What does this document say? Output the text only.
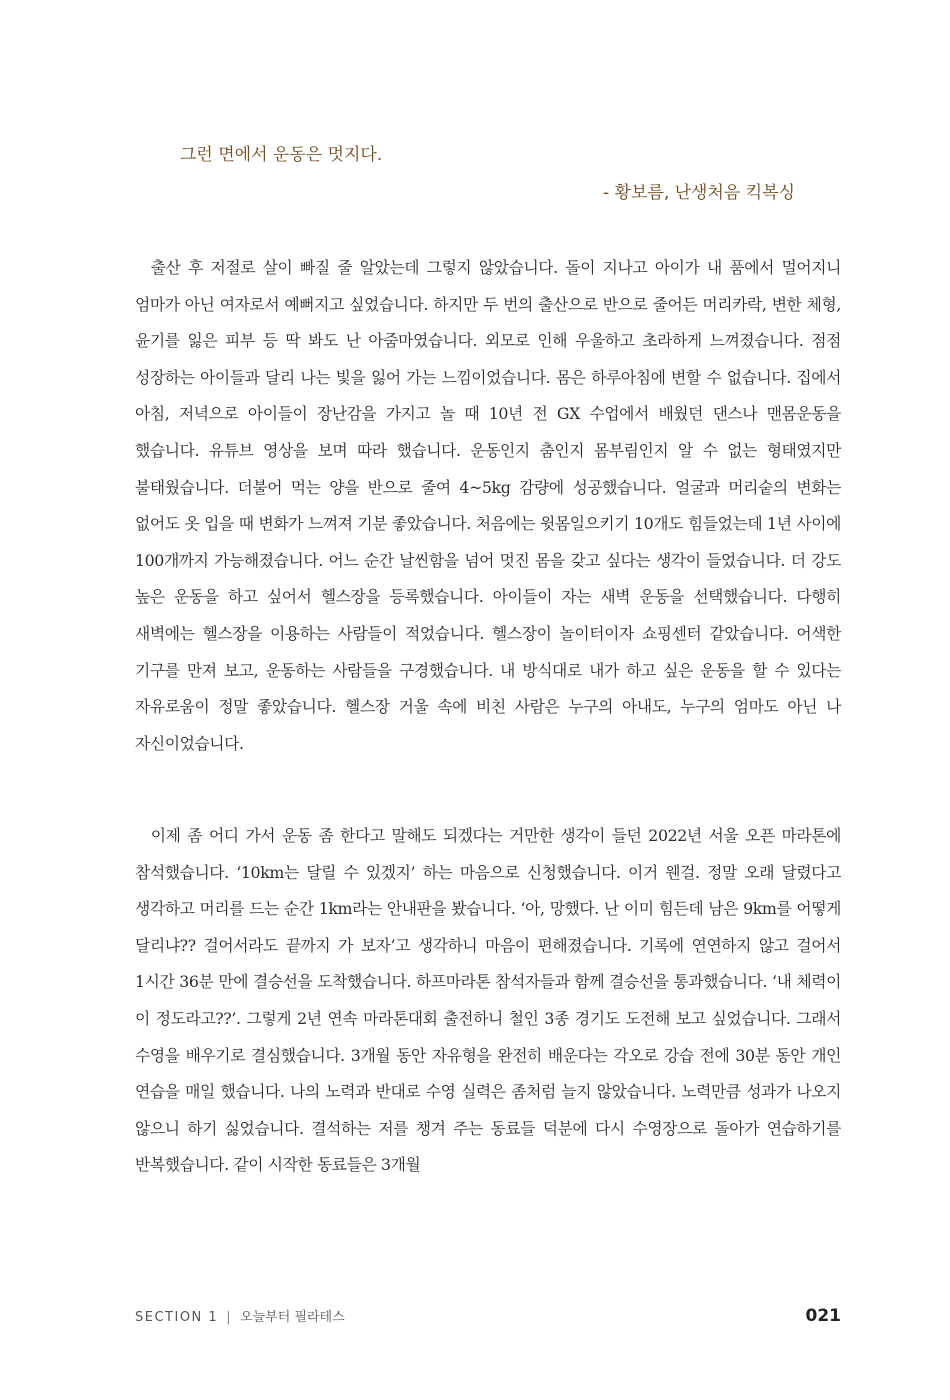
그런 면에서 운동은 멋지다.
- 황보름, 난생처음 킥복싱

출산 후 저절로 살이 빠질 줄 알았는데 그렇지 않았습니다. 돌이 지나고 아이가 내 품에서 멀어지니 엄마가 아닌 여자로서 예뻐지고 싶었습니다. 하지만 두 번의 출산으로 반으로 줄어든 머리카락, 변한 체형, 윤기를 잃은 피부 등 딱 봐도 난 아줌마였습니다. 외모로 인해 우울하고 초라하게 느껴졌습니다. 점점 성장하는 아이들과 달리 나는 빛을 잃어 가는 느낌이었습니다. 몸은 하루아침에 변할 수 없습니다. 집에서 아침, 저녁으로 아이들이 장난감을 가지고 놀 때 10년 전 GX 수업에서 배웠던 댄스나 맨몸운동을 했습니다. 유튜브 영상을 보며 따라 했습니다. 운동인지 춤인지 몸부림인지 알 수 없는 형태였지만 불태웠습니다. 더불어 먹는 양을 반으로 줄여 4~5kg 감량에 성공했습니다. 얼굴과 머리숱의 변화는 없어도 옷 입을 때 변화가 느껴져 기분 좋았습니다. 처음에는 윗몸일으키기 10개도 힘들었는데 1년 사이에 100개까지 가능해졌습니다. 어느 순간 날씬함을 넘어 멋진 몸을 갖고 싶다는 생각이 들었습니다. 더 강도 높은 운동을 하고 싶어서 헬스장을 등록했습니다. 아이들이 자는 새벽 운동을 선택했습니다. 다행히 새벽에는 헬스장을 이용하는 사람들이 적었습니다. 헬스장이 놀이터이자 쇼핑센터 같았습니다. 어색한 기구를 만져 보고, 운동하는 사람들을 구경했습니다. 내 방식대로 내가 하고 싶은 운동을 할 수 있다는 자유로움이 정말 좋았습니다. 헬스장 거울 속에 비친 사람은 누구의 아내도, 누구의 엄마도 아닌 나 자신이었습니다.

이제 좀 어디 가서 운동 좀 한다고 말해도 되겠다는 거만한 생각이 들던 2022년 서울 오픈 마라톤에 참석했습니다. ‘10km는 달릴 수 있겠지’ 하는 마음으로 신청했습니다. 이거 웬걸. 정말 오래 달렸다고 생각하고 머리를 드는 순간 1km라는 안내판을 봤습니다. ‘아, 망했다. 난 이미 힘든데 남은 9km를 어떻게 달리냐?? 걸어서라도 끝까지 가 보자’고 생각하니 마음이 편해졌습니다. 기록에 연연하지 않고 걸어서 1시간 36분 만에 결승선을 도착했습니다. 하프마라톤 참석자들과 함께 결승선을 통과했습니다. ‘내 체력이 이 정도라고??’. 그렇게 2년 연속 마라톤대회 출전하니 철인 3종 경기도 도전해 보고 싶었습니다. 그래서 수영을 배우기로 결심했습니다. 3개월 동안 자유형을 완전히 배운다는 각오로 강습 전에 30분 동안 개인 연습을 매일 했습니다. 나의 노력과 반대로 수영 실력은 좀처럼 늘지 않았습니다. 노력만큼 성과가 나오지 않으니 하기 싫었습니다. 결석하는 저를 챙겨 주는 동료들 덕분에 다시 수영장으로 돌아가 연습하기를 반복했습니다. 같이 시작한 동료들은 3개월

SECTION 1 | 오늘부터 필라테스	021
